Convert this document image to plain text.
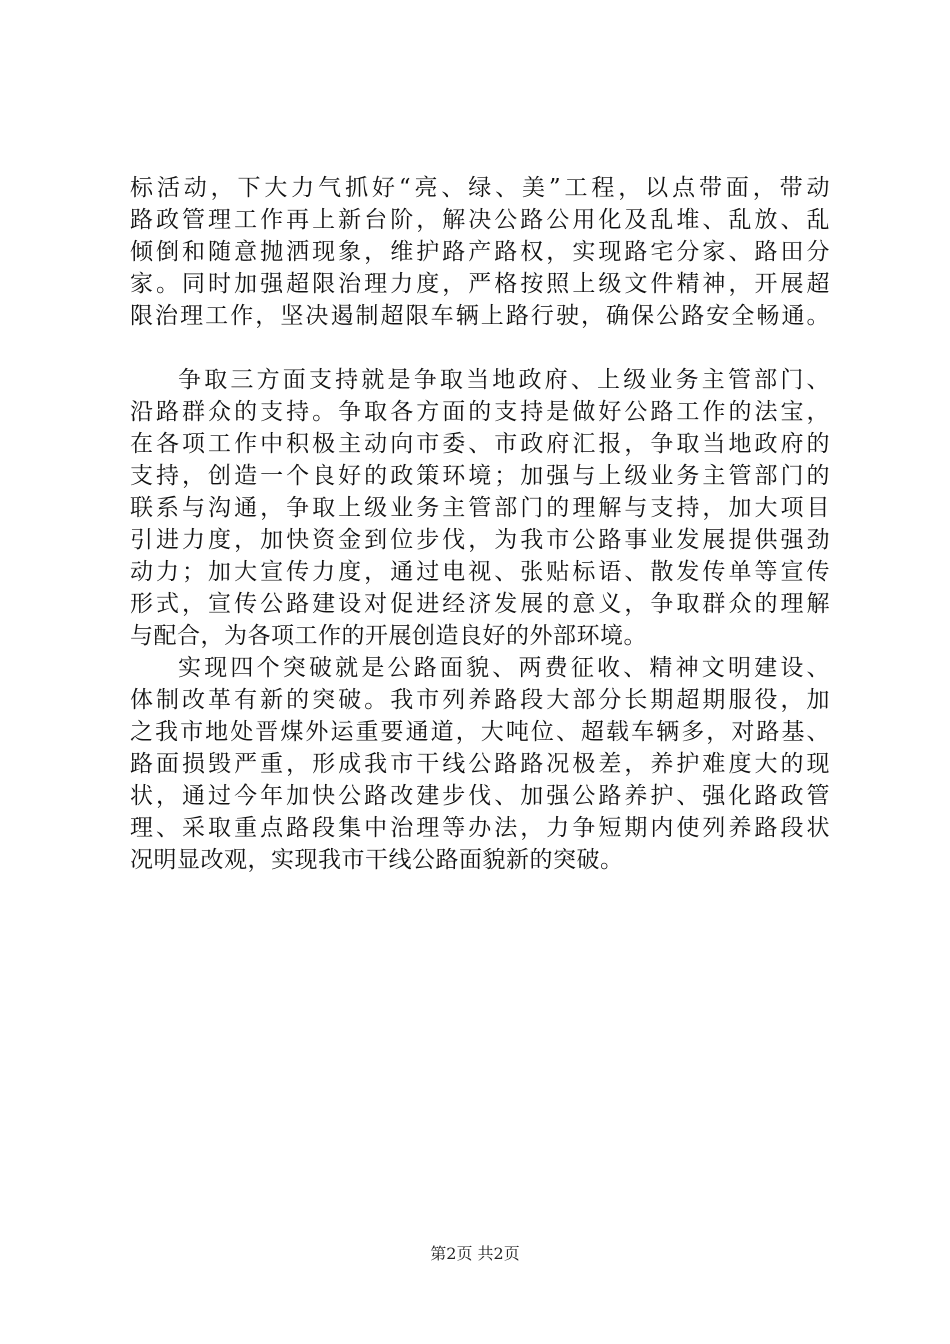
标活动，下大力气抓好“亮、绿、美”工程，以点带面，带动
路政管理工作再上新台阶，解决公路公用化及乱堆、乱放、乱
倾倒和随意抛洒现象，维护路产路权，实现路宅分家、路田分
家。同时加强超限治理力度，严格按照上级文件精神，开展超
限治理工作，坚决遏制超限车辆上路行驶，确保公路安全畅通。
争取三方面支持就是争取当地政府、上级业务主管部门、
沿路群众的支持。争取各方面的支持是做好公路工作的法宝，
在各项工作中积极主动向市委、市政府汇报，争取当地政府的
支持，创造一个良好的政策环境；加强与上级业务主管部门的
联系与沟通，争取上级业务主管部门的理解与支持，加大项目
引进力度，加快资金到位步伐，为我市公路事业发展提供强劲
动力；加大宣传力度，通过电视、张贴标语、散发传单等宣传
形式，宣传公路建设对促进经济发展的意义，争取群众的理解
与配合，为各项工作的开展创造良好的外部环境。
实现四个突破就是公路面貌、两费征收、精神文明建设、
体制改革有新的突破。我市列养路段大部分长期超期服役，加
之我市地处晋煤外运重要通道，大吨位、超载车辆多，对路基、
路面损毁严重，形成我市干线公路路况极差，养护难度大的现
状，通过今年加快公路改建步伐、加强公路养护、强化路政管
理、采取重点路段集中治理等办法，力争短期内使列养路段状
况明显改观，实现我市干线公路面貌新的突破。
第2页 共2页
